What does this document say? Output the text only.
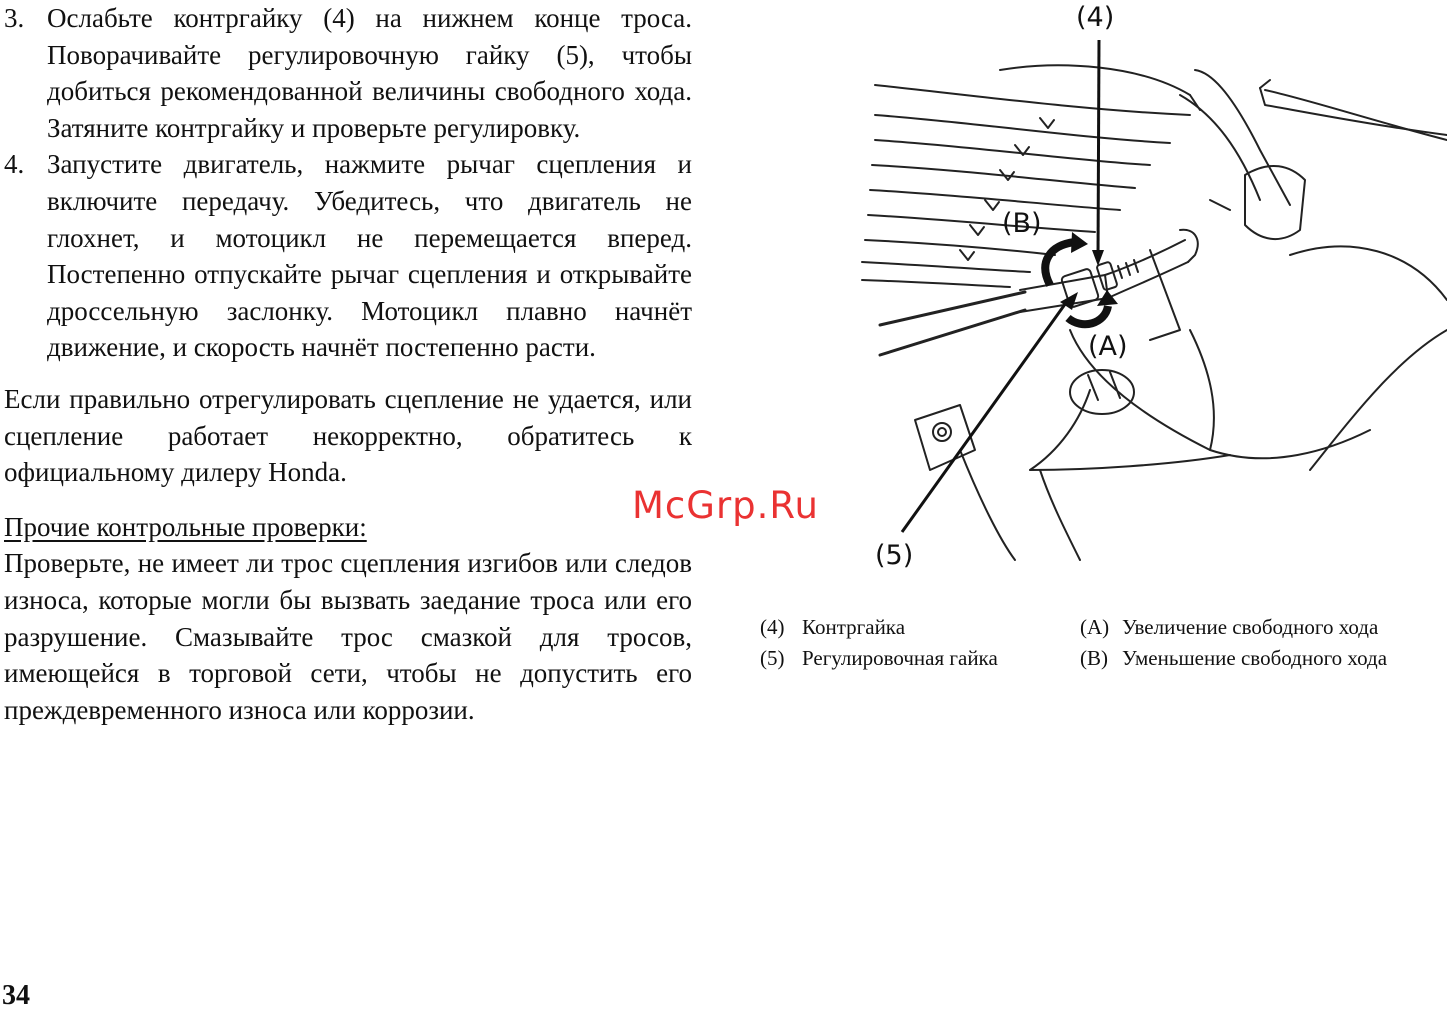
3. Ослабьте контргайку (4) на нижнем конце троса. Поворачивайте регулировочную гайку (5), чтобы добиться рекомендованной величины свободного хода. Затяните контргайку и проверьте регулировку.
4. Запустите двигатель, нажмите рычаг сцепления и включите передачу. Убедитесь, что двигатель не глохнет, и мотоцикл не перемещается вперед. Постепенно отпускайте рычаг сцепления и открывайте дроссельную заслонку. Мотоцикл плавно начнёт движение, и скорость начнёт постепенно расти.

Если правильно отрегулировать сцепление не удается, или сцепление работает некорректно, обратитесь к официальному дилеру Honda.

Прочие контрольные проверки:

Проверьте, не имеет ли трос сцепления изгибов или следов износа, которые могли бы вызвать заедание троса или его разрушение. Смазывайте трос смазкой для тросов, имеющейся в торговой сети, чтобы не допустить его преждевременного износа или коррозии.

(4)
(B)
(A)
(5)
(4) Контргайка	(A) Увеличение свободного хода
(5) Регулировочная гайка	(B) Уменьшение свободного хода
McGrp.Ru
34
